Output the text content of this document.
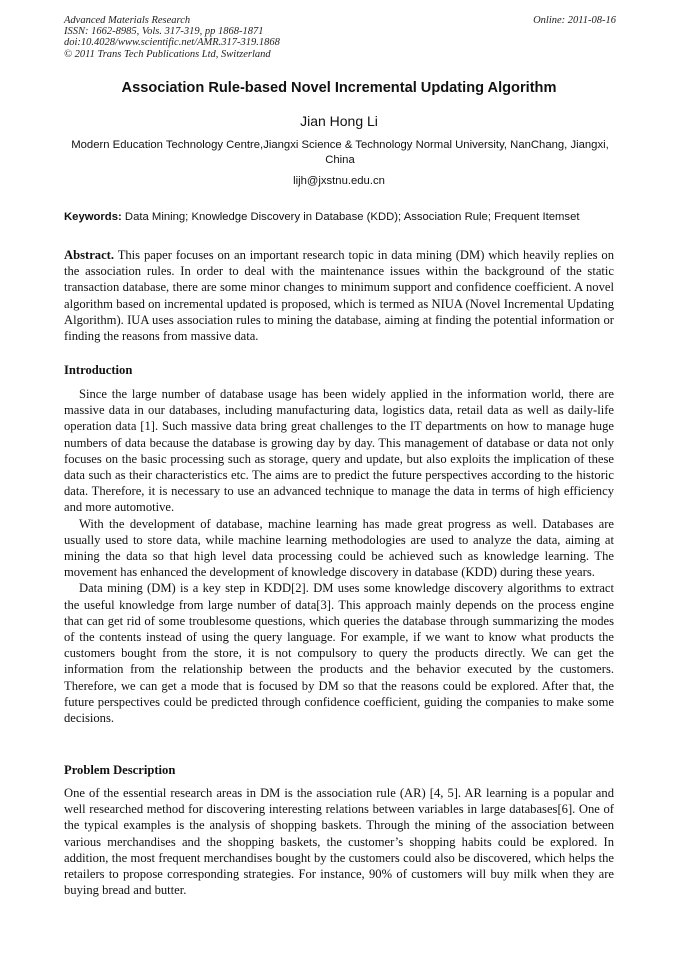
Advanced Materials Research
ISSN: 1662-8985, Vols. 317-319, pp 1868-1871
doi:10.4028/www.scientific.net/AMR.317-319.1868
© 2011 Trans Tech Publications Ltd, Switzerland
Online: 2011-08-16
Association Rule-based Novel Incremental Updating Algorithm
Jian Hong Li
Modern Education Technology Centre,Jiangxi Science & Technology Normal University, NanChang, Jiangxi, China
lijh@jxstnu.edu.cn
Keywords: Data Mining; Knowledge Discovery in Database (KDD); Association Rule; Frequent Itemset
Abstract. This paper focuses on an important research topic in data mining (DM) which heavily replies on the association rules. In order to deal with the maintenance issues within the background of the static transaction database, there are some minor changes to minimum support and confidence coefficient. A novel algorithm based on incremental updated is proposed, which is termed as NIUA (Novel Incremental Updating Algorithm). IUA uses association rules to mining the database, aiming at finding the potential information or finding the reasons from massive data.
Introduction

Since the large number of database usage has been widely applied in the information world, there are massive data in our databases, including manufacturing data, logistics data, retail data as well as daily-life operation data [1]. Such massive data bring great challenges to the IT departments on how to manage huge numbers of data because the database is growing day by day. This management of database or data not only focuses on the basic processing such as storage, query and update, but also exploits the implication of these data such as their characteristics etc. The aims are to predict the future perspectives according to the historic data. Therefore, it is necessary to use an advanced technique to manage the data in terms of high efficiency and more automotive.

With the development of database, machine learning has made great progress as well. Databases are usually used to store data, while machine learning methodologies are used to analyze the data, aiming at mining the data so that high level data processing could be achieved such as knowledge learning. The movement has enhanced the development of knowledge discovery in database (KDD) during these years.

Data mining (DM) is a key step in KDD[2]. DM uses some knowledge discovery algorithms to extract the useful knowledge from large number of data[3]. This approach mainly depends on the process engine that can get rid of some troublesome questions, which queries the database through summarizing the modes of the contents instead of using the query language. For example, if we want to know what products the customers bought from the store, it is not compulsory to query the products directly. We can get the information from the relationship between the products and the behavior executed by the customers. Therefore, we can get a mode that is focused by DM so that the reasons could be explored. After that, the future perspectives could be predicted through confidence coefficient, guiding the companies to make some decisions.

Problem Description

One of the essential research areas in DM is the association rule (AR) [4, 5]. AR learning is a popular and well researched method for discovering interesting relations between variables in large databases[6]. One of the typical examples is the analysis of shopping baskets. Through the mining of the association between various merchandises and the shopping baskets, the customer’s shopping habits could be explored. In addition, the most frequent merchandises bought by the customers could also be discovered, which helps the retailers to propose corresponding strategies. For instance, 90% of customers will buy milk when they are buying bread and butter.
